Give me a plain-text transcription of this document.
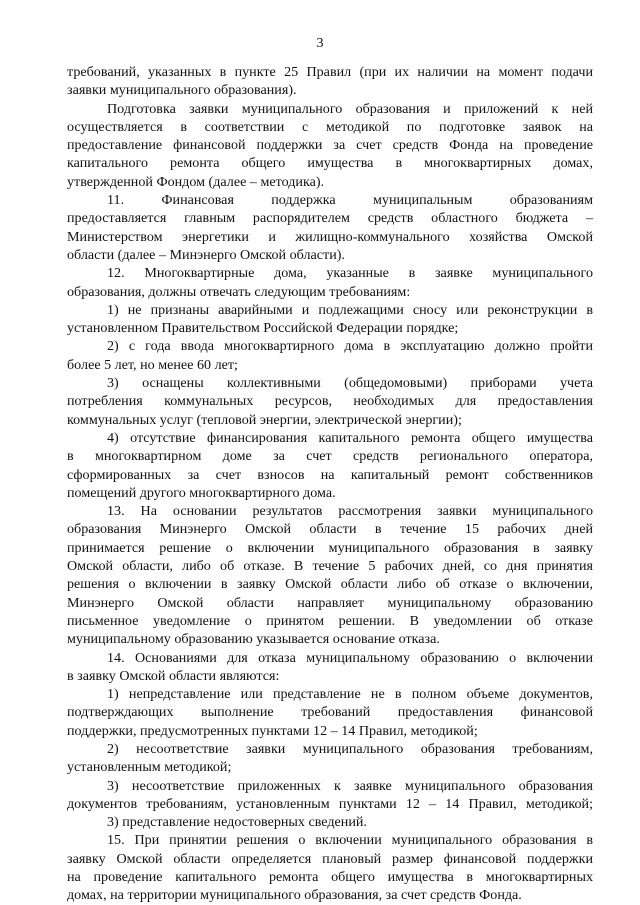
3
требований, указанных в пункте 25 Правил (при их наличии на момент подачи
заявки муниципального образования).
Подготовка заявки муниципального образования и приложений к ней
осуществляется в соответствии с методикой по подготовке заявок на
предоставление финансовой поддержки за счет средств Фонда на проведение
капитального ремонта общего имущества в многоквартирных домах,
утвержденной Фондом (далее – методика).
11. Финансовая поддержка муниципальным образованиям
предоставляется главным распорядителем средств областного бюджета –
Министерством энергетики и жилищно-коммунального хозяйства Омской
области (далее – Минэнерго Омской области).
12. Многоквартирные дома, указанные в заявке муниципального
образования, должны отвечать следующим требованиям:
1) не признаны аварийными и подлежащими сносу или реконструкции в
установленном Правительством Российской Федерации порядке;
2) с года ввода многоквартирного дома в эксплуатацию должно пройти
более 5 лет, но менее 60 лет;
3) оснащены коллективными (общедомовыми) приборами учета
потребления коммунальных ресурсов, необходимых для предоставления
коммунальных услуг (тепловой энергии, электрической энергии);
4) отсутствие финансирования капитального ремонта общего имущества
в многоквартирном доме за счет средств регионального оператора,
сформированных за счет взносов на капитальный ремонт собственников
помещений другого многоквартирного дома.
13. На основании результатов рассмотрения заявки муниципального
образования Минэнерго Омской области в течение 15 рабочих дней
принимается решение о включении муниципального образования в заявку
Омской области, либо об отказе. В течение 5 рабочих дней, со дня принятия
решения о включении в заявку Омской области либо об отказе о включении,
Минэнерго Омской области направляет муниципальному образованию
письменное уведомление о принятом решении. В уведомлении об отказе
муниципальному образованию указывается основание отказа.
14. Основаниями для отказа муниципальному образованию о включении
в заявку Омской области являются:
1) непредставление или представление не в полном объеме документов,
подтверждающих выполнение требований предоставления финансовой
поддержки, предусмотренных пунктами 12 – 14 Правил, методикой;
2) несоответствие заявки муниципального образования требованиям,
установленным методикой;
3) несоответствие приложенных к заявке муниципального образования
документов требованиям, установленным пунктами 12 – 14 Правил, методикой;
3) представление недостоверных сведений.
15. При принятии решения о включении муниципального образования в
заявку Омской области определяется плановый размер финансовой поддержки
на проведение капитального ремонта общего имущества в многоквартирных
домах, на территории муниципального образования, за счет средств Фонда.
